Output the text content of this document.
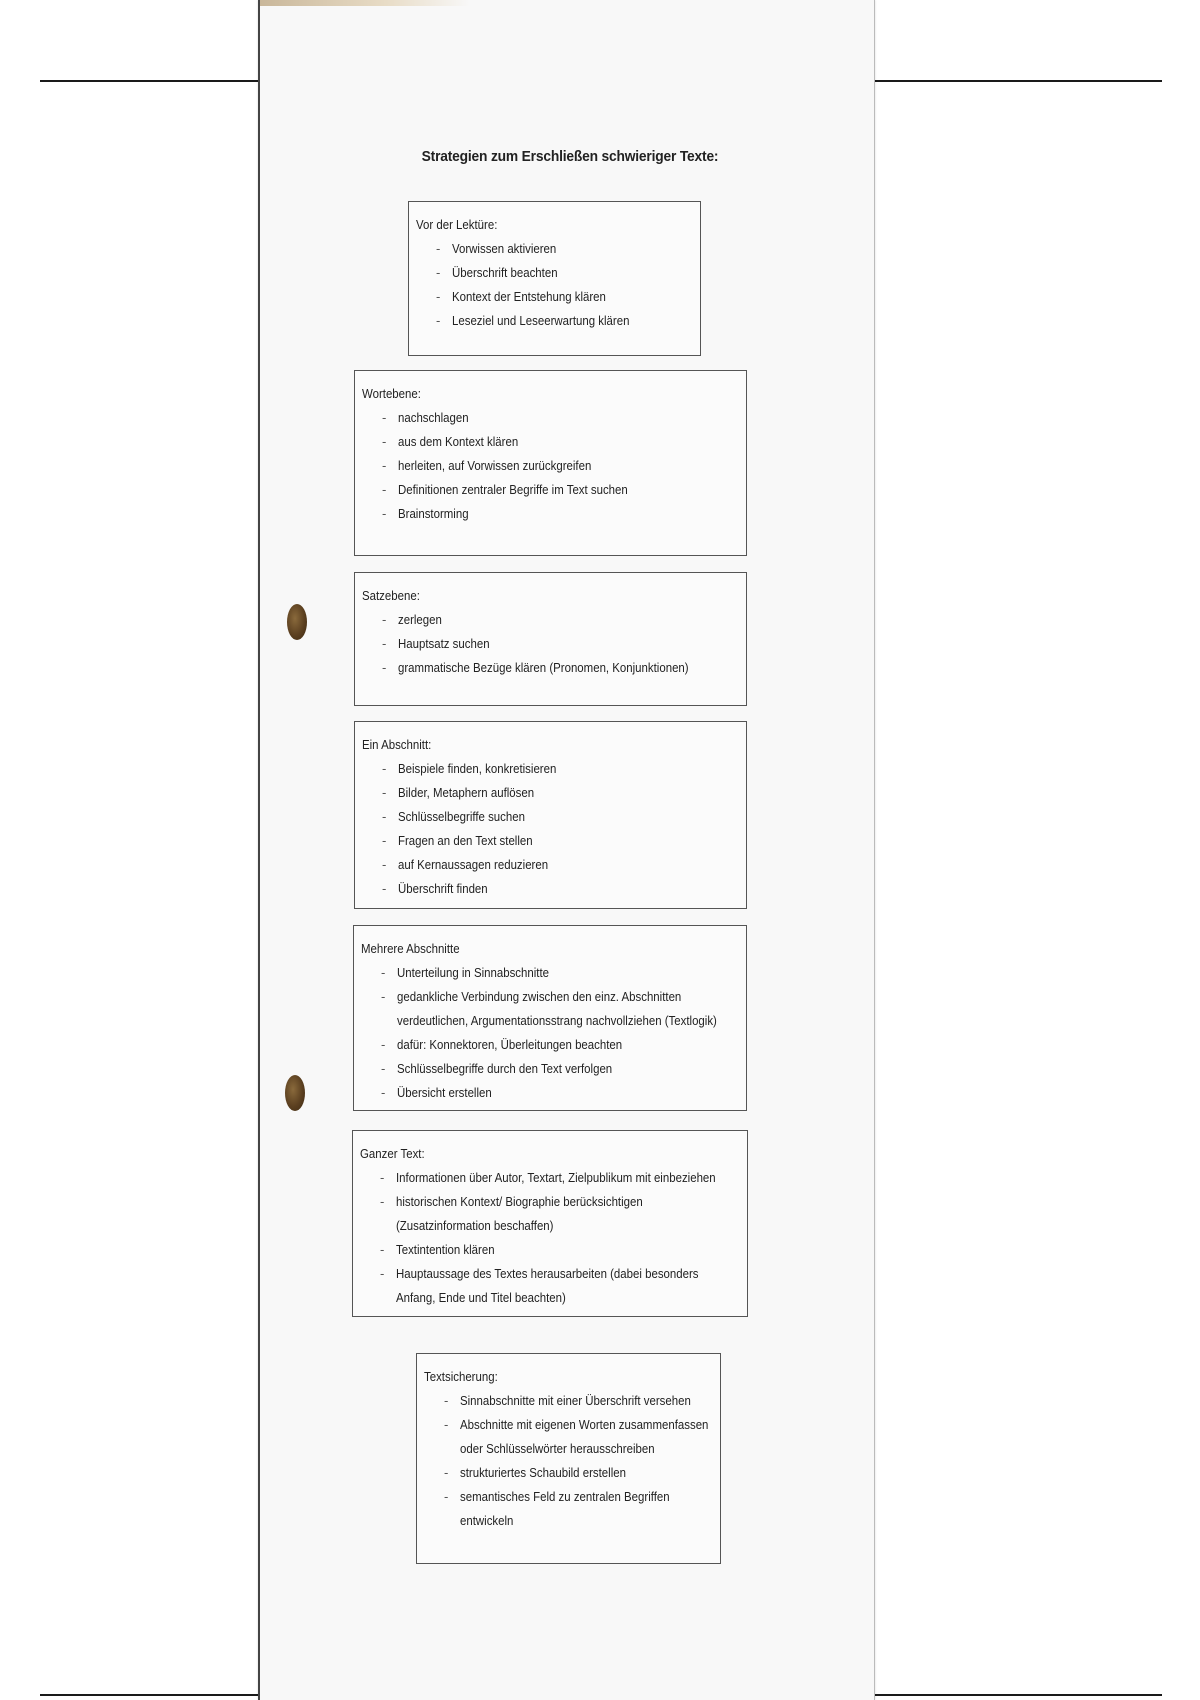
Strategien zum Erschließen schwieriger Texte:
Vor der Lektüre:
- Vorwissen aktivieren
- Überschrift beachten
- Kontext der Entstehung klären
- Leseziel und Leseerwartung klären
Wortebene:
- nachschlagen
- aus dem Kontext klären
- herleiten, auf Vorwissen zurückgreifen
- Definitionen zentraler Begriffe im Text suchen
- Brainstorming
Satzebene:
- zerlegen
- Hauptsatz suchen
- grammatische Bezüge klären (Pronomen, Konjunktionen)
Ein Abschnitt:
- Beispiele finden, konkretisieren
- Bilder, Metaphern auflösen
- Schlüsselbegriffe suchen
- Fragen an den Text stellen
- auf Kernaussagen reduzieren
- Überschrift finden
Mehrere Abschnitte
- Unterteilung in Sinnabschnitte
- gedankliche Verbindung zwischen den einz. Abschnitten verdeutlichen, Argumentationsstrang nachvollziehen (Textlogik)
- dafür: Konnektoren, Überleitungen beachten
- Schlüsselbegriffe durch den Text verfolgen
- Übersicht erstellen
Ganzer Text:
- Informationen über Autor, Textart, Zielpublikum mit einbeziehen
- historischen Kontext/ Biographie berücksichtigen (Zusatzinformation beschaffen)
- Textintention klären
- Hauptaussage des Textes herausarbeiten (dabei besonders Anfang, Ende und Titel beachten)
Textsicherung:
- Sinnabschnitte mit einer Überschrift versehen
- Abschnitte mit eigenen Worten zusammenfassen oder Schlüsselwörter herausschreiben
- strukturiertes Schaubild erstellen
- semantisches Feld zu zentralen Begriffen entwickeln
